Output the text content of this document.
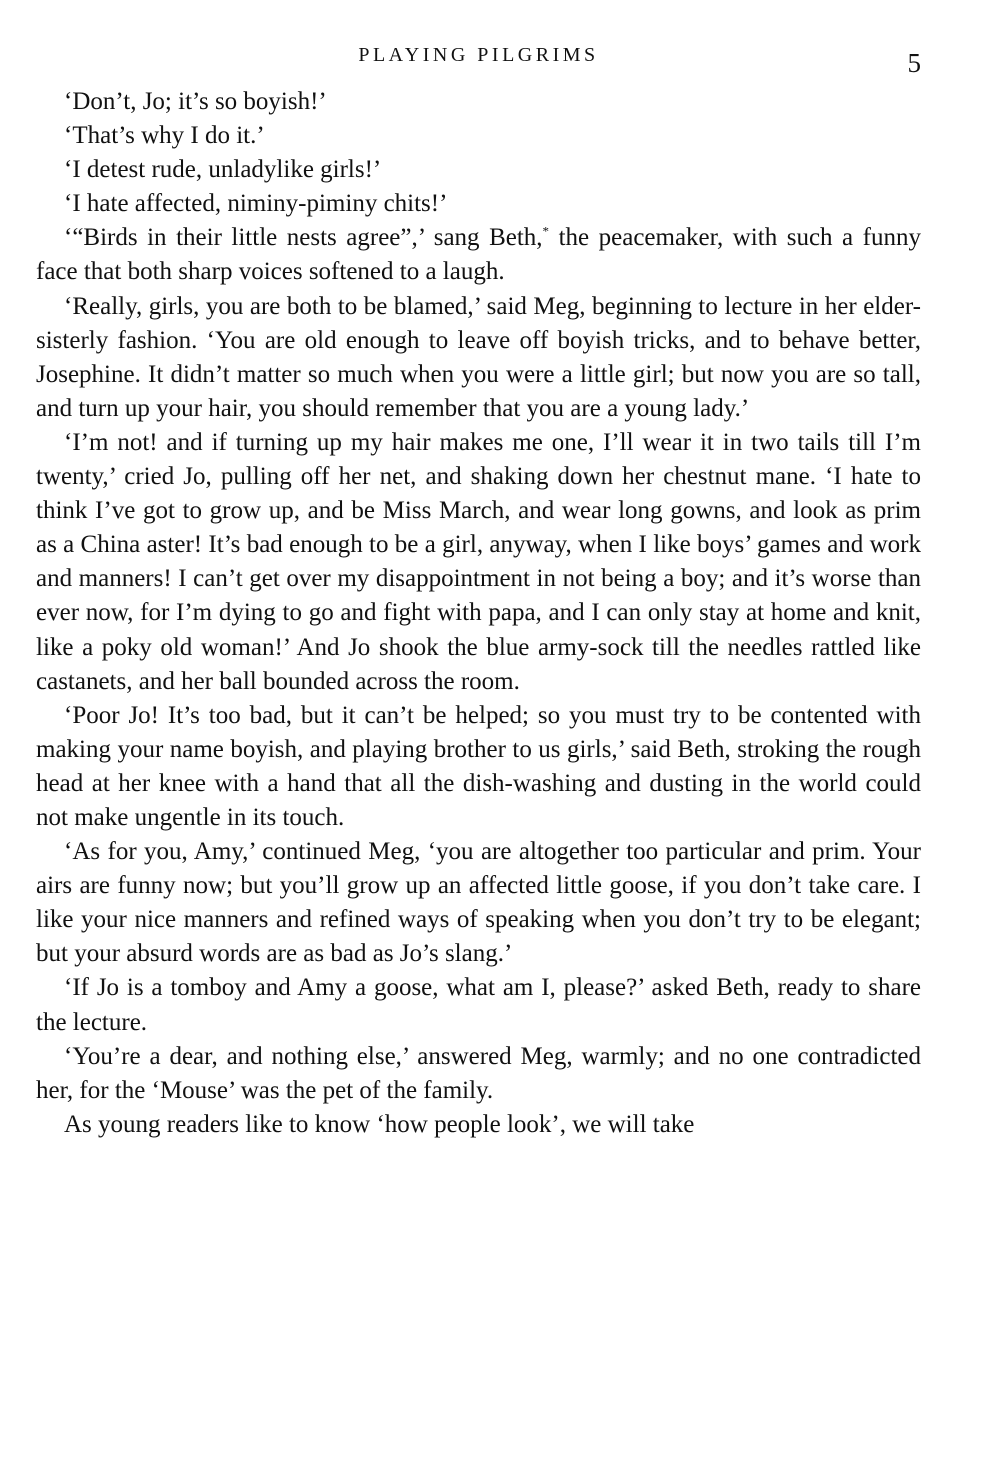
PLAYING PILGRIMS	5

‘Don’t, Jo; it’s so boyish!’

‘That’s why I do it.’

‘I detest rude, unladylike girls!’

‘I hate affected, niminy-piminy chits!’

‘“Birds in their little nests agree”,’ sang Beth,* the peacemaker, with such a funny face that both sharp voices softened to a laugh.

‘Really, girls, you are both to be blamed,’ said Meg, beginning to lecture in her elder-sisterly fashion. ‘You are old enough to leave off boyish tricks, and to behave better, Josephine. It didn’t matter so much when you were a little girl; but now you are so tall, and turn up your hair, you should remember that you are a young lady.’

‘I’m not! and if turning up my hair makes me one, I’ll wear it in two tails till I’m twenty,’ cried Jo, pulling off her net, and shaking down her chestnut mane. ‘I hate to think I’ve got to grow up, and be Miss March, and wear long gowns, and look as prim as a China aster! It’s bad enough to be a girl, anyway, when I like boys’ games and work and manners! I can’t get over my disappointment in not being a boy; and it’s worse than ever now, for I’m dying to go and fight with papa, and I can only stay at home and knit, like a poky old woman!’ And Jo shook the blue army-sock till the needles rattled like castanets, and her ball bounded across the room.

‘Poor Jo! It’s too bad, but it can’t be helped; so you must try to be contented with making your name boyish, and playing brother to us girls,’ said Beth, stroking the rough head at her knee with a hand that all the dish-washing and dusting in the world could not make ungentle in its touch.

‘As for you, Amy,’ continued Meg, ‘you are altogether too particular and prim. Your airs are funny now; but you’ll grow up an affected little goose, if you don’t take care. I like your nice manners and refined ways of speaking when you don’t try to be elegant; but your absurd words are as bad as Jo’s slang.’

‘If Jo is a tomboy and Amy a goose, what am I, please?’ asked Beth, ready to share the lecture.

‘You’re a dear, and nothing else,’ answered Meg, warmly; and no one contradicted her, for the ‘Mouse’ was the pet of the family.

As young readers like to know ‘how people look’, we will take
